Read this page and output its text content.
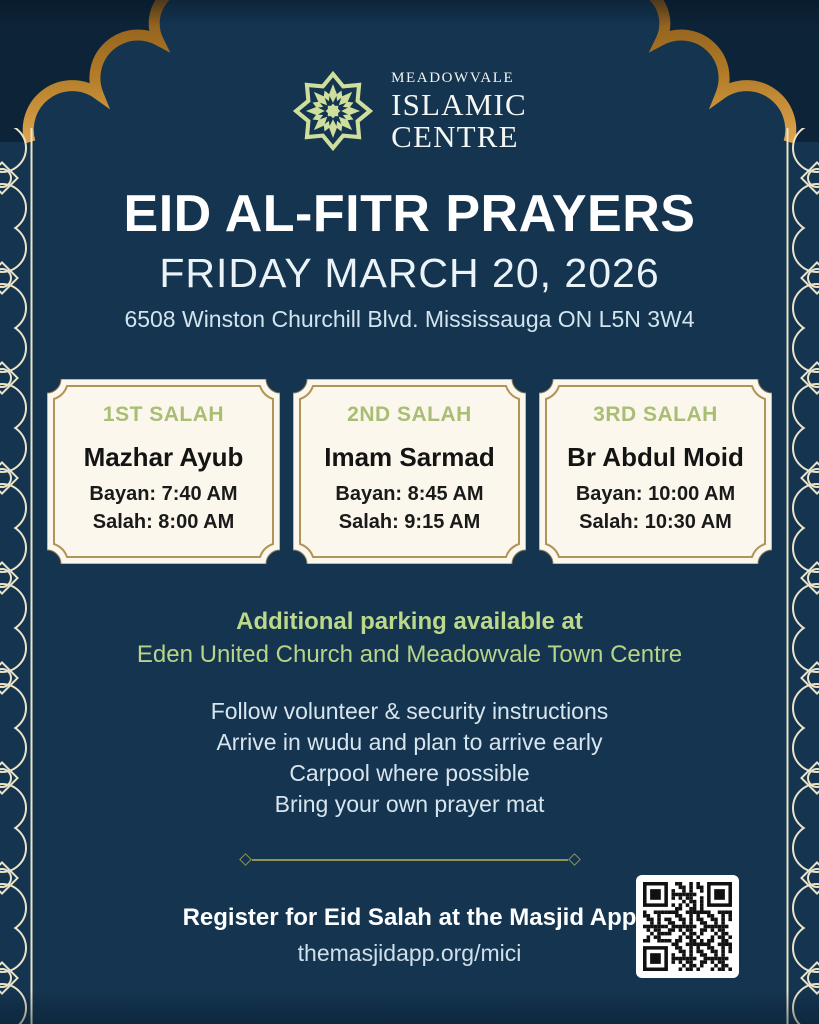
MEADOWVALE
ISLAMIC
CENTRE
EID AL-FITR PRAYERS
FRIDAY MARCH 20, 2026
6508 Winston Churchill Blvd. Mississauga ON L5N 3W4
1ST SALAH
Mazhar Ayub
Bayan: 7:40 AM
Salah: 8:00 AM
2ND SALAH
Imam Sarmad
Bayan: 8:45 AM
Salah: 9:15 AM
3RD SALAH
Br Abdul Moid
Bayan: 10:00 AM
Salah: 10:30 AM
Additional parking available at
Eden United Church and Meadowvale Town Centre
Follow volunteer & security instructions
Arrive in wudu and plan to arrive early
Carpool where possible
Bring your own prayer mat
Register for Eid Salah at the Masjid App
themasjidapp.org/mici
